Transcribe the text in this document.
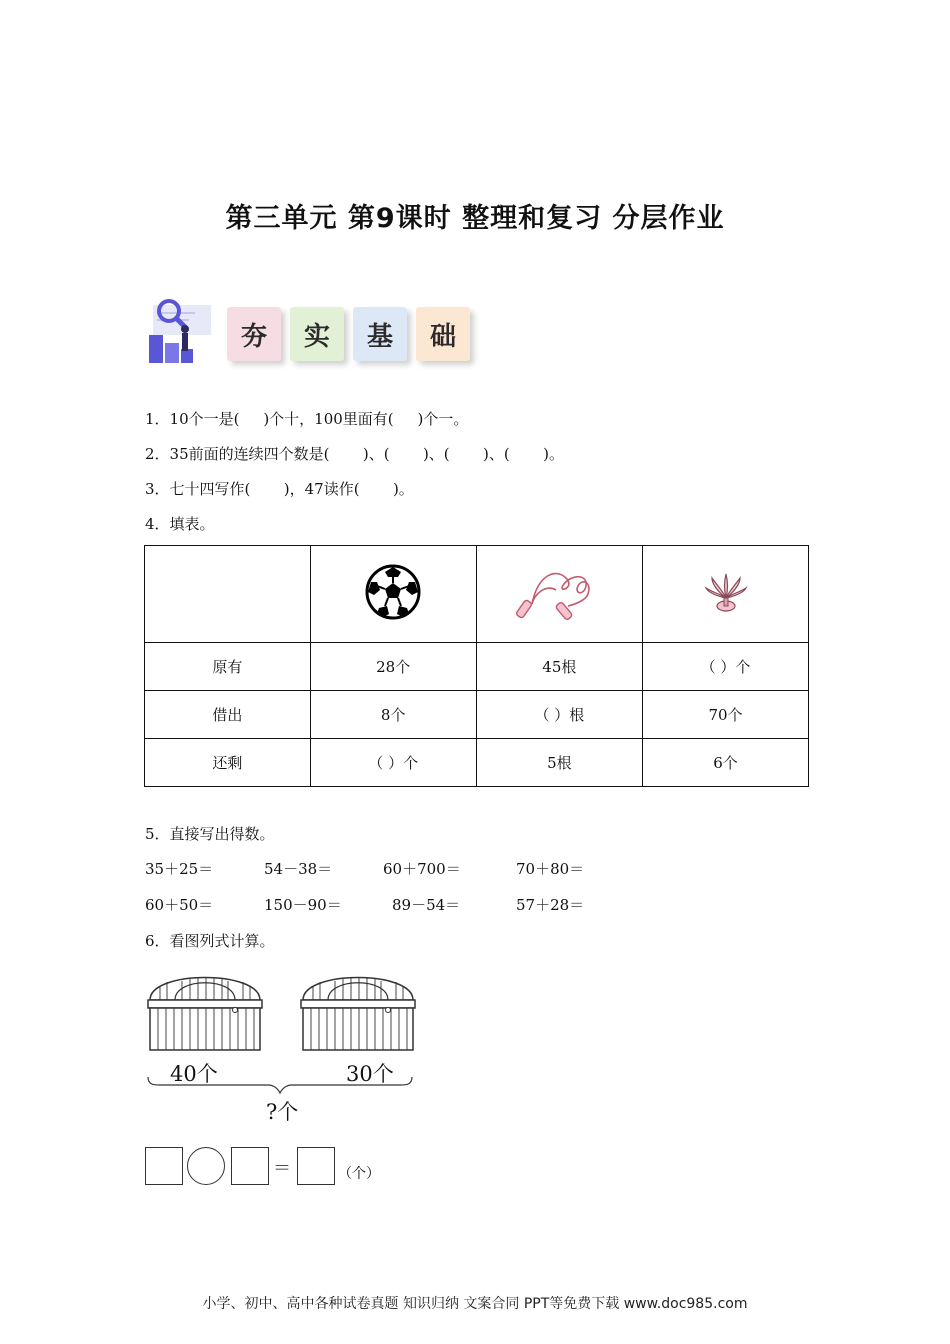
第三单元 第9课时 整理和复习 分层作业
夯	实	基	础
1．10个一是(     )个十，100里面有(     )个一。
2．35前面的连续四个数是(       )、(       )、(       )、(       )。
3．七十四写作(       )，47读作(       )。
4．填表。

原有	28个	45根	（ ）个
借出	8个	（ ）根	70个
还剩	（ ）个	5根	6个
5．直接写出得数。
35＋25＝	54－38＝	60＋700＝	70＋80＝
60＋50＝	150－90＝	89－54＝	57＋28＝
6．看图列式计算。
40个	30个
?个
＝	（个）
小学、初中、高中各种试卷真题 知识归纳 文案合同 PPT等免费下载 www.doc985.com
